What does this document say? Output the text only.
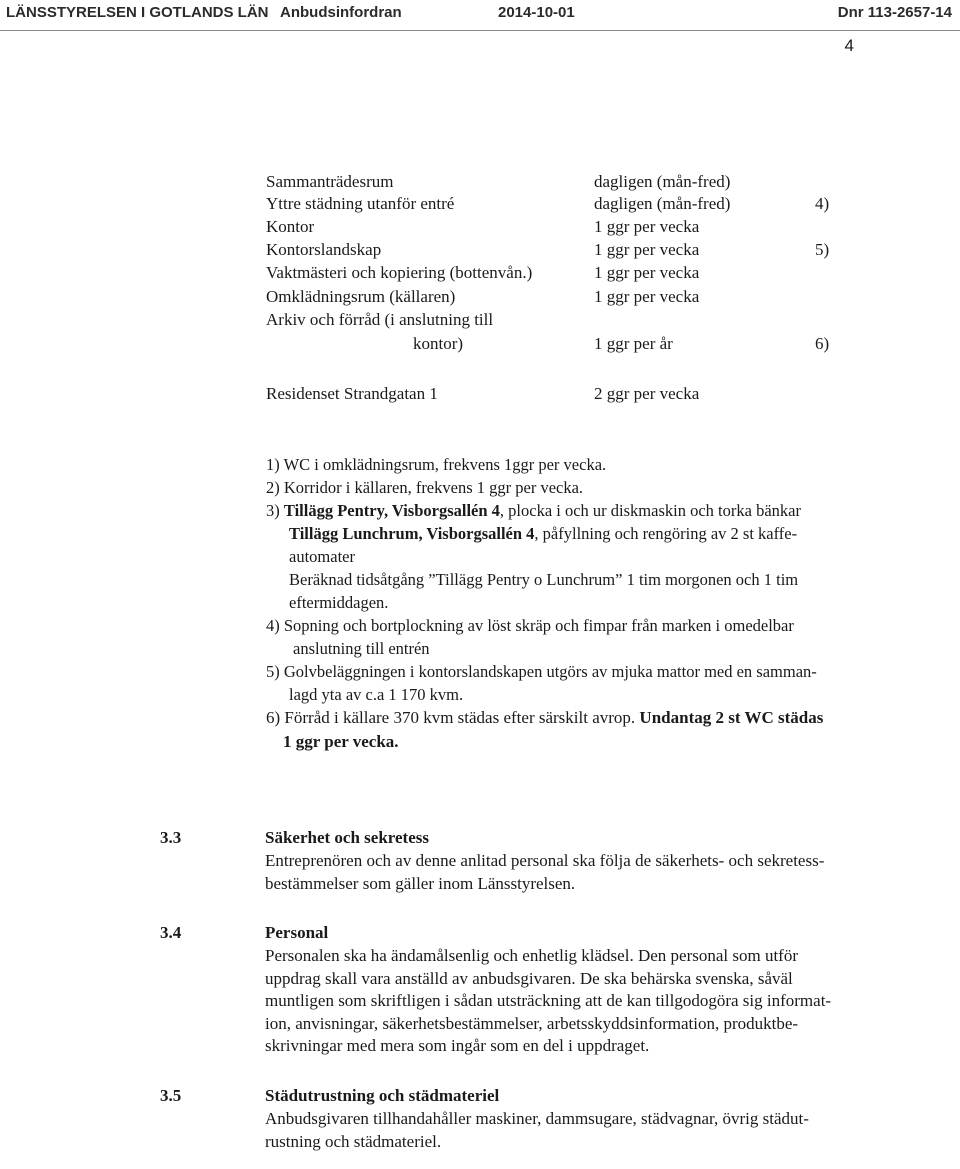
LÄNSSTYRELSEN I GOTLANDS LÄN Anbudsinfordran	2014-10-01	Dnr 113-2657-14
4
Sammanträdesrum	dagligen (mån-fred)
Yttre städning utanför entré	dagligen (mån-fred)	4)
Kontor	1 ggr per vecka
Kontorslandskap	1 ggr per vecka	5)
Vaktmästeri och kopiering (bottenvån.)	1 ggr per vecka
Omklädningsrum (källaren)	1 ggr per vecka
Arkiv och förråd (i anslutning till
kontor)	1 ggr per år	6)
Residenset Strandgatan 1	2 ggr per vecka
1) WC i omklädningsrum, frekvens 1ggr per vecka.
2) Korridor i källaren, frekvens 1 ggr per vecka.
3) Tillägg Pentry, Visborgsallén 4, plocka i och ur diskmaskin och torka bänkar
Tillägg Lunchrum, Visborgsallén 4, påfyllning och rengöring av 2 st kaffe-
automater
Beräknad tidsåtgång ”Tillägg Pentry o Lunchrum” 1 tim morgonen och 1 tim
eftermiddagen.
4) Sopning och bortplockning av löst skräp och fimpar från marken i omedelbar
anslutning till entrén
5) Golvbeläggningen i kontorslandskapen utgörs av mjuka mattor med en samman-
lagd yta av c.a 1 170 kvm.
6) Förråd i källare 370 kvm städas efter särskilt avrop. Undantag 2 st WC städas
1 ggr per vecka.
3.3	Säkerhet och sekretess
Entreprenören och av denne anlitad personal ska följa de säkerhets- och sekretess-
bestämmelser som gäller inom Länsstyrelsen.
3.4	Personal
Personalen ska ha ändamålsenlig och enhetlig klädsel. Den personal som utför
uppdrag skall vara anställd av anbudsgivaren. De ska behärska svenska, såväl
muntligen som skriftligen i sådan utsträckning att de kan tillgodogöra sig informat-
ion, anvisningar, säkerhetsbestämmelser, arbetsskyddsinformation, produktbe-
skrivningar med mera som ingår som en del i uppdraget.
3.5	Städutrustning och städmateriel
Anbudsgivaren tillhandahåller maskiner, dammsugare, städvagnar, övrig städut-
rustning och städmateriel.
